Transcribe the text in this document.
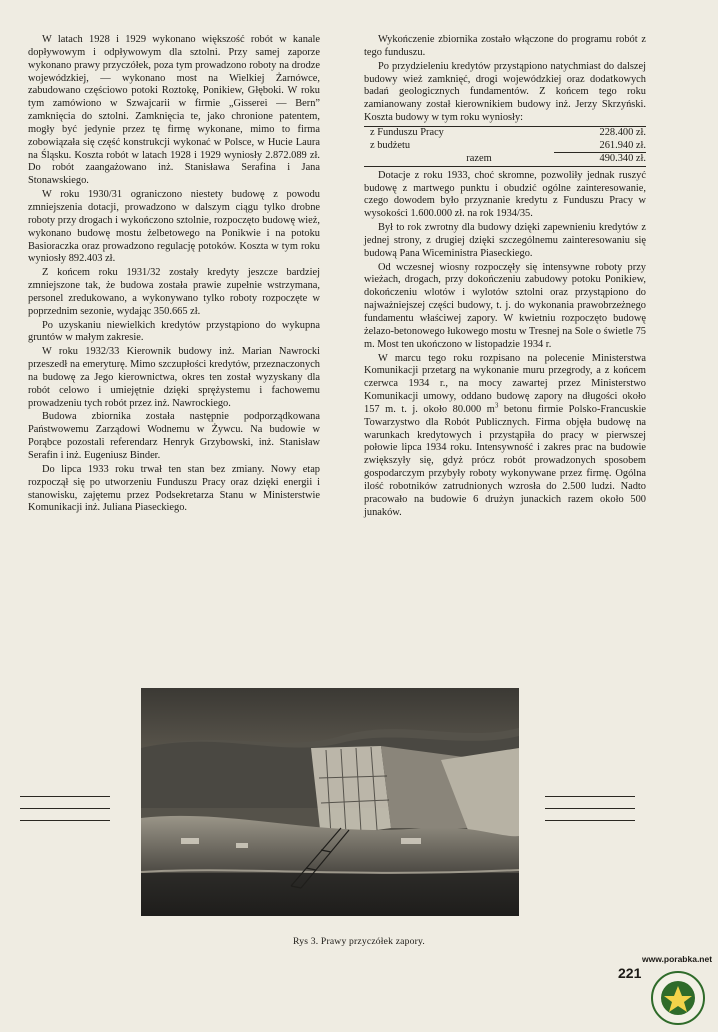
W latach 1928 i 1929 wykonano większość robót w kanale dopływowym i odpływowym dla sztolni. Przy samej zaporze wykonano prawy przyczółek, poza tym prowadzono roboty na drodze wojewódzkiej, — wykonano most na Wielkiej Żarnówce, zabudowano częściowo potoki Roztokę, Ponikiew, Głęboki. W roku tym zamówiono w Szwajcarii w firmie „Gisserei — Bern” zamknięcia do sztolni. Zamknięcia te, jako chronione patentem, mogły być jedynie przez tę firmę wykonane, mimo to firma zobowiązała się część konstrukcji wykonać w Polsce, w Hucie Laura na Śląsku. Koszta robót w latach 1928 i 1929 wyniosły 2.872.089 zł. Do robót zaangażowano inż. Stanisława Serafina i Jana Stonawskiego.

W roku 1930/31 ograniczono niestety budowę z powodu zmniejszenia dotacji, prowadzono w dalszym ciągu tylko drobne roboty przy drogach i wykończono sztolnie, rozpoczęto budowę wież, wykonano budowę mostu żelbetowego na Ponikwie i na potoku Basioraczka oraz prowadzono regulację potoków. Koszta w tym roku wyniosły 892.403 zł.

Z końcem roku 1931/32 zostały kredyty jeszcze bardziej zmniejszone tak, że budowa została prawie zupełnie wstrzymana, personel zredukowano, a wykonywano tylko roboty rozpoczęte w poprzednim sezonie, wydając 350.665 zł.

Po uzyskaniu niewielkich kredytów przystąpiono do wykupna gruntów w małym zakresie.

W roku 1932/33 Kierownik budowy inż. Marian Nawrocki przeszedł na emeryturę. Mimo szczupłości kredytów, przeznaczonych na budowę za Jego kierownictwa, okres ten został wyzyskany dla robót celowo i umiejętnie dzięki sprężystemu i fachowemu prowadzeniu tych robót przez inż. Nawrockiego.

Budowa zbiornika została następnie podporządkowana Państwowemu Zarządowi Wodnemu w Żywcu. Na budowie w Porąbce pozostali referendarz Henryk Grzybowski, inż. Stanisław Serafin i inż. Eugeniusz Binder.

Do lipca 1933 roku trwał ten stan bez zmiany. Nowy etap rozpoczął się po utworzeniu Funduszu Pracy oraz dzięki energii i stanowisku, zajętemu przez Podsekretarza Stanu w Ministerstwie Komunikacji inż. Juliana Piaseckiego.

Wykończenie zbiornika zostało włączone do programu robót z tego funduszu.

Po przydzieleniu kredytów przystąpiono natychmiast do dalszej budowy wież zamknięć, drogi wojewódzkiej oraz dodatkowych badań geologicznych fundamentów. Z końcem tego roku zamianowany został kierownikiem budowy inż. Jerzy Skrzyński. Koszta budowy w tym roku wyniosły:

z Funduszu Pracy	228.400 zł.
z budżetu	261.940 zł.
razem	490.340 zł.

Dotacje z roku 1933, choć skromne, pozwoliły jednak ruszyć budowę z martwego punktu i obudzić ogólne zainteresowanie, czego dowodem było przyznanie kredytu z Funduszu Pracy w wysokości 1.600.000 zł. na rok 1934/35.

Był to rok zwrotny dla budowy dzięki zapewnieniu kredytów z jednej strony, z drugiej dzięki szczególnemu zainteresowaniu się budową Pana Wiceministra Piaseckiego.

Od wczesnej wiosny rozpoczęły się intensywne roboty przy wieżach, drogach, przy dokończeniu zabudowy potoku Ponikiew, dokończeniu wlotów i wylotów sztolni oraz przystąpiono do najważniejszej części budowy, t. j. do wykonania prawobrzeżnego fundamentu właściwej zapory. W kwietniu rozpoczęto budowę żelazo-betonowego łukowego mostu w Tresnej na Sole o świetle 75 m. Most ten ukończono w listopadzie 1934 r.

W marcu tego roku rozpisano na polecenie Ministerstwa Komunikacji przetarg na wykonanie muru przegrody, a z końcem czerwca 1934 r., na mocy zawartej przez Ministerstwo Komunikacji umowy, oddano budowę zapory na długości około 157 m. t. j. około 80.000 $m^3$ betonu firmie Polsko-Francuskie Towarzystwo dla Robót Publicznych. Firma objęła budowę na warunkach kredytowych i przystąpiła do pracy w pierwszej połowie lipca 1934 roku. Intensywność i zakres prac na budowie zwiększyły się, gdyż prócz robót prowadzonych sposobem gospodarczym przybyły roboty wykonywane przez firmę. Ogólna ilość robotników zatrudnionych wzrosła do 2.500 ludzi. Nadto pracowało na budowie 6 drużyn junackich razem około 500 junaków.

Rys 3. Prawy przyczółek zapory.
221
www.porabka.net
